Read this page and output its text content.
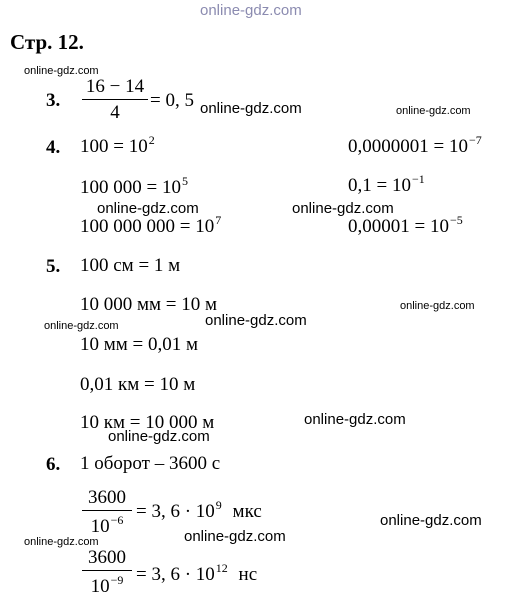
online-gdz.com
online-gdz.com
online-gdz.com	online-gdz.com
online-gdz.com	online-gdz.com
online-gdz.com
online-gdz.com	online-gdz.com
online-gdz.com
online-gdz.com
online-gdz.com
online-gdz.com	online-gdz.com
Стр. 12.
3.
16 − 14
4
= 0, 5
4. $100 = 10^2$
100 $000 = 10^5$
100 000 $000 = 10^7$
$0,0000001 = 10^{-7}$
$0,1 = 10^{-1}$
$0,00001 = 10^{-5}$
5. 100 см = 1 м
10 000 мм = 10 м
10 мм = 0,01 м
0,01 км = 10 м
10 км = 10 000 м
6. 1 оборот – 3600 с
3600
$10^{-6} = 3$, $6 \cdot 10^9$ мкс
3600
$10^{-9} = 3$, $6 \cdot 10^{12}$ нс
